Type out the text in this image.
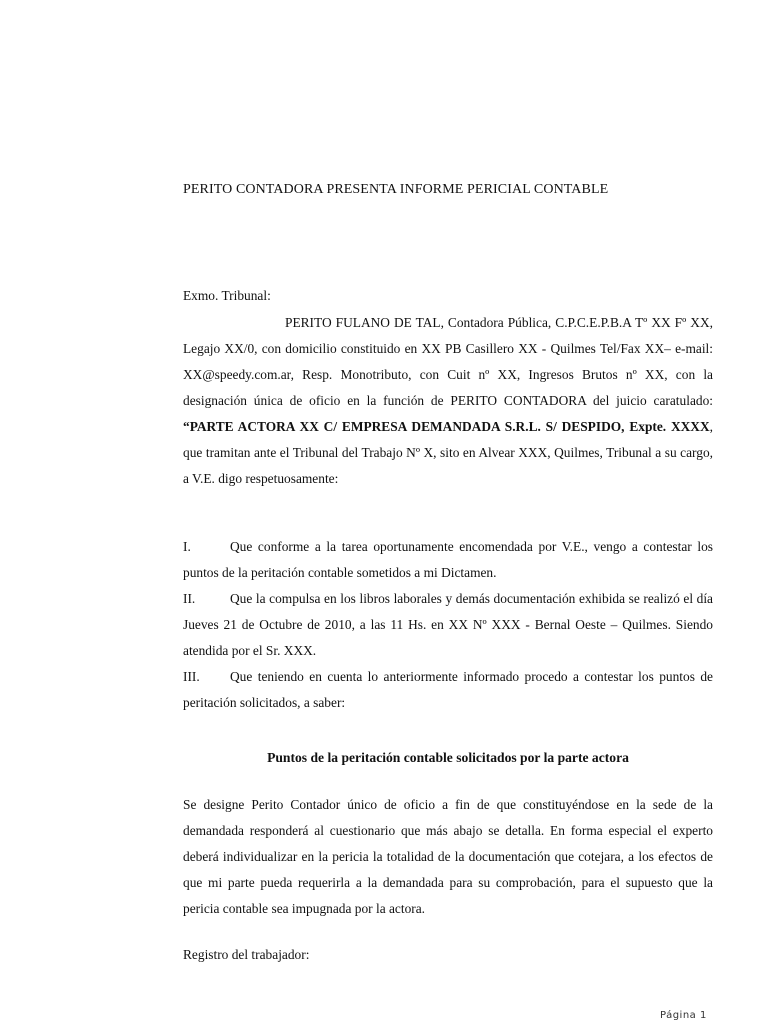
PERITO CONTADORA PRESENTA INFORME PERICIAL CONTABLE
Exmo. Tribunal:
PERITO FULANO DE TAL, Contadora Pública, C.P.C.E.P.B.A Tº XX Fº XX, Legajo XX/0, con domicilio constituido en XX PB Casillero XX - Quilmes Tel/Fax XX– e-mail: XX@speedy.com.ar, Resp. Monotributo, con Cuit nº XX, Ingresos Brutos nº XX, con la designación única de oficio en la función de PERITO CONTADORA del juicio caratulado: “PARTE ACTORA XX C/ EMPRESA DEMANDADA S.R.L. S/ DESPIDO, Expte. XXXX, que tramitan ante el Tribunal del Trabajo Nº X, sito en Alvear XXX, Quilmes, Tribunal a su cargo, a V.E. digo respetuosamente:
I.	Que conforme a la tarea oportunamente encomendada por V.E., vengo a contestar los puntos de la peritación contable sometidos a mi Dictamen.
II.	Que la compulsa en los libros laborales y demás documentación exhibida se realizó el día Jueves 21 de Octubre de 2010, a las 11 Hs. en XX Nº XXX - Bernal Oeste – Quilmes. Siendo atendida por el Sr. XXX.
III. Que teniendo en cuenta lo anteriormente informado procedo a contestar los puntos de peritación solicitados, a saber:
Puntos de la peritación contable solicitados por la parte actora
Se designe Perito Contador único de oficio a fin de que constituyéndose en la sede de la demandada responderá al cuestionario que más abajo se detalla. En forma especial el experto deberá individualizar en la pericia la totalidad de la documentación que cotejara, a los efectos de que mi parte pueda requerirla a la demandada para su comprobación, para el supuesto que la pericia contable sea impugnada por la actora.
Registro del trabajador:
Página 1
